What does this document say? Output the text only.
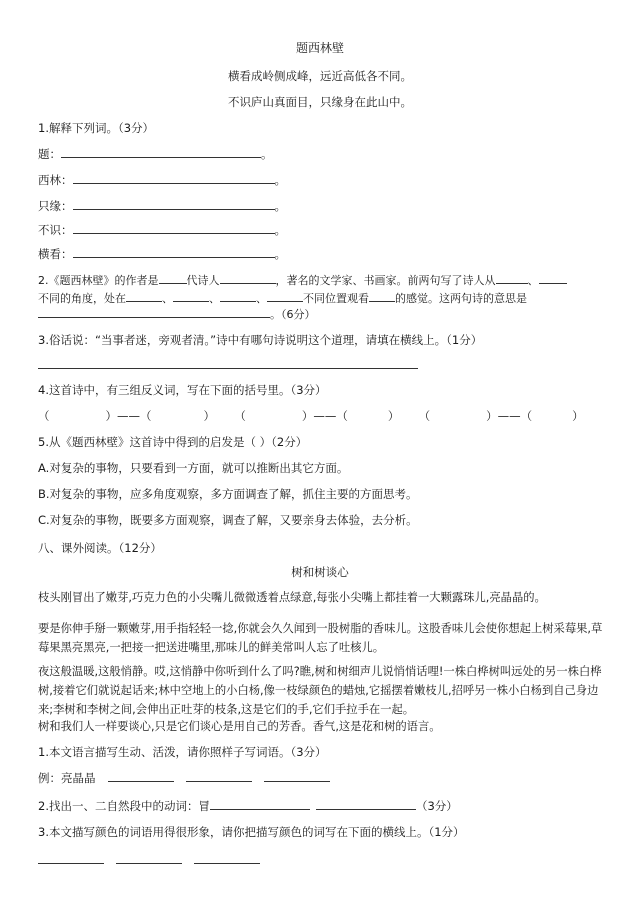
题西林壁
横看成岭侧成峰，远近高低各不同。
不识庐山真面目，只缘身在此山中。
1.解释下列词。（3分）
题：	。
西林：	。
只缘：	。
不识：	。
横看：	。
2.《题西林壁》的作者是	代诗人	，著名的文学家、书画家。前两句写了诗人从	、
不同的角度，处在	、	、	、	不同位置观看 的感觉。这两句诗的意思是
。（6分）
3.俗话说：“当事者迷，旁观者清。”诗中有哪句诗说明这个道理，请填在横线上。（1分）
4.这首诗中，有三组反义词，写在下面的括号里。（3分）
（	）——（	） （	）——（	） （	）——（	）
5.从《题西林壁》这首诗中得到的启发是（ ）（2分）
A.对复杂的事物，只要看到一方面，就可以推断出其它方面。
B.对复杂的事物，应多角度观察，多方面调查了解，抓住主要的方面思考。
C.对复杂的事物，既要多方面观察，调查了解，又要亲身去体验，去分析。
八、课外阅读。（12分）
树和树谈心
枝头刚冒出了嫩芽,巧克力色的小尖嘴儿微微透着点绿意,每张小尖嘴上都挂着一大颗露珠儿,亮晶晶的。
要是你伸手掰一颗嫩芽,用手指轻轻一捻,你就会久久闻到一股树脂的香味儿。这股香味儿会使你想起上树采莓果,草莓果黑亮黑亮,一把接一把送进嘴里,那味儿的鲜美常叫人忘了吐核儿。
夜这般温暖,这般悄静。哎,这悄静中你听到什么了吗?瞧,树和树细声儿说悄悄话哩!一株白桦树叫远处的另一株白桦树,接着它们就说起话来;林中空地上的小白杨,像一枝绿颜色的蜡烛,它摇摆着嫩枝儿,招呼另一株小白杨到自己身边来;李树和李树之间,会伸出正吐芽的枝条,这是它们的手,它们手拉手在一起。
树和我们人一样要谈心,只是它们谈心是用自己的芳香。香气,这是花和树的语言。
1.本文语言描写生动、活泼，请你照样子写词语。（3分）
例：亮晶晶
2.找出一、二自然段中的动词：冒	（3分）
3.本文描写颜色的词语用得很形象，请你把描写颜色的词写在下面的横线上。（1分）
